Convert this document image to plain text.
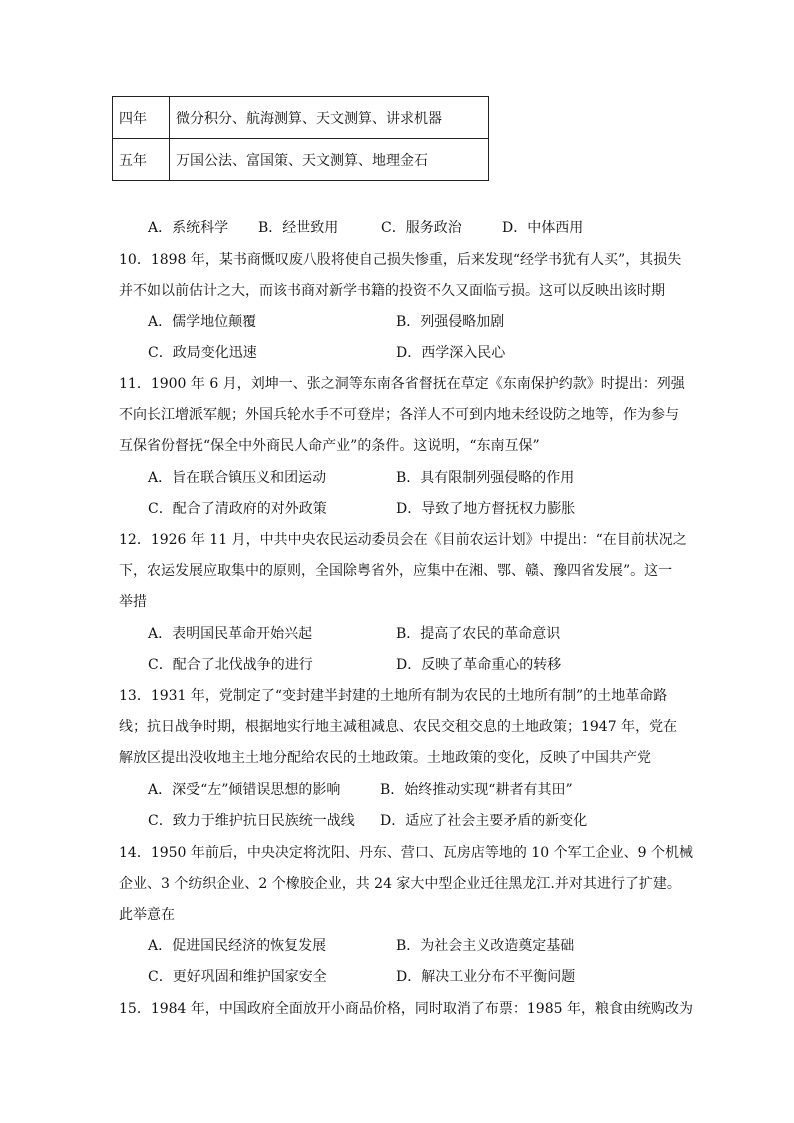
四年	微分积分、航海测算、天文测算、讲求机器
五年	万国公法、富国策、天文测算、地理金石
A．系统科学 B．经世致用	C．服务政治	D．中体西用
10．1898 年，某书商慨叹废八股将使自己损失惨重，后来发现“经学书犹有人买”，其损失
并不如以前估计之大，而该书商对新学书籍的投资不久又面临亏损。这可以反映出该时期
A．儒学地位颠覆	B．列强侵略加剧
C．政局变化迅速	D．西学深入民心
11．1900 年 6 月，刘坤一、张之洞等东南各省督抚在草定《东南保护约款》时提出：列强
不向长江增派军舰；外国兵轮水手不可登岸；各洋人不可到内地未经设防之地等，作为参与
互保省份督抚“保全中外商民人命产业”的条件。这说明，“东南互保”
A．旨在联合镇压义和团运动	B．具有限制列强侵略的作用
C．配合了清政府的对外政策	D．导致了地方督抚权力膨胀
12．1926 年 11 月，中共中央农民运动委员会在《目前农运计划》中提出：“在目前状况之
下，农运发展应取集中的原则，全国除粤省外，应集中在湘、鄂、赣、豫四省发展”。这一
举措
A．表明国民革命开始兴起	B．提高了农民的革命意识
C．配合了北伐战争的进行	D．反映了革命重心的转移
13．1931 年，党制定了“变封建半封建的土地所有制为农民的土地所有制”的土地革命路
线；抗日战争时期，根据地实行地主减租减息、农民交租交息的土地政策；1947 年，党在
解放区提出没收地主土地分配给农民的土地政策。土地政策的变化，反映了中国共产党
A．深受“左”倾错误思想的影响	B．始终推动实现“耕者有其田”
C．致力于维护抗日民族统一战线 D．适应了社会主要矛盾的新变化
14．1950 年前后，中央决定将沈阳、丹东、营口、瓦房店等地的 10 个军工企业、9 个机械
企业、3 个纺织企业、2 个橡胶企业，共 24 家大中型企业迁往黑龙江.并对其进行了扩建。
此举意在
A．促进国民经济的恢复发展	B．为社会主义改造奠定基础
C．更好巩固和维护国家安全	D．解决工业分布不平衡问题
15．1984 年，中国政府全面放开小商品价格，同时取消了布票：1985 年，粮食由统购改为
